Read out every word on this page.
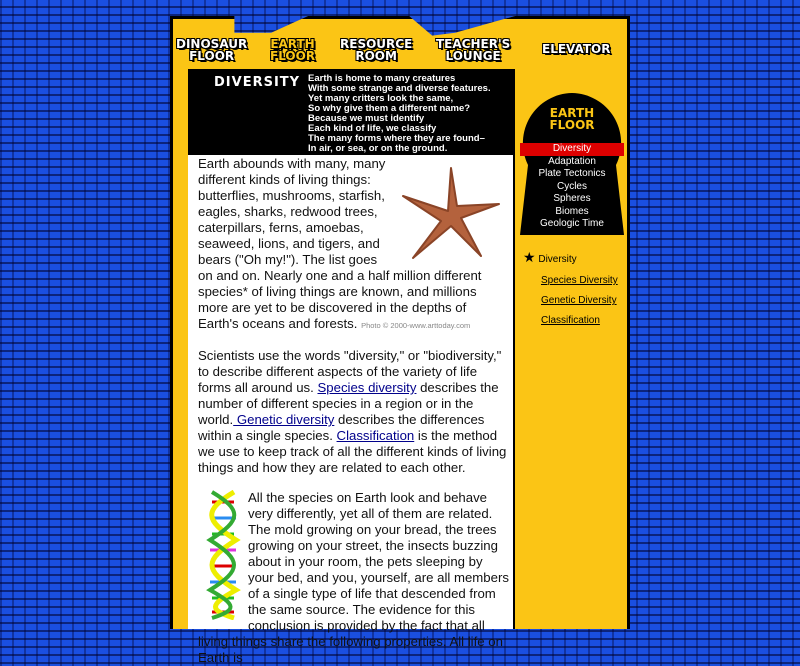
DINOSAUR
FLOOR
EARTH
FLOOR
RESOURCE
ROOM
TEACHER'S
LOUNGE	ELEVATOR
DIVERSITY Earth is home to many creatures
With some strange and diverse features.
Yet many critters look the same,
So why give them a different name?
Because we must identify
Each kind of life, we classify
The many forms where they are found–
In air, or sea, or on the ground.

Earth abounds with many, many different kinds of living things: butterflies, mushrooms, starfish, eagles, sharks, redwood trees, caterpillars, ferns, amoebas, seaweed, lions, and tigers, and bears ("Oh my!"). The list goes on and on. Nearly one and a half million different species* of living things are known, and millions more are yet to be discovered in the depths of Earth's oceans and forests. Photo © 2000-www.arttoday.com

Scientists use the words "diversity," or "biodiversity," to describe different aspects of the variety of life forms all around us. Species diversity describes the number of different species in a region or in the world. Genetic diversity describes the differences within a single species. Classification is the method we use to keep track of all the different kinds of living things and how they are related to each other.

All the species on Earth look and behave very differently, yet all of them are related. The mold growing on your bread, the trees growing on your street, the insects buzzing about in your room, the pets sleeping by your bed, and you, yourself, are all members of a single type of life that descended from the same source. The evidence for this conclusion is provided by the fact that all living things share the following properties. All life on Earth is

EARTH
FLOOR
Diversity
Adaptation
Plate Tectonics
Cycles
Spheres
Biomes
Geologic Time
★ Diversity
Species Diversity
Genetic Diversity
Classification
